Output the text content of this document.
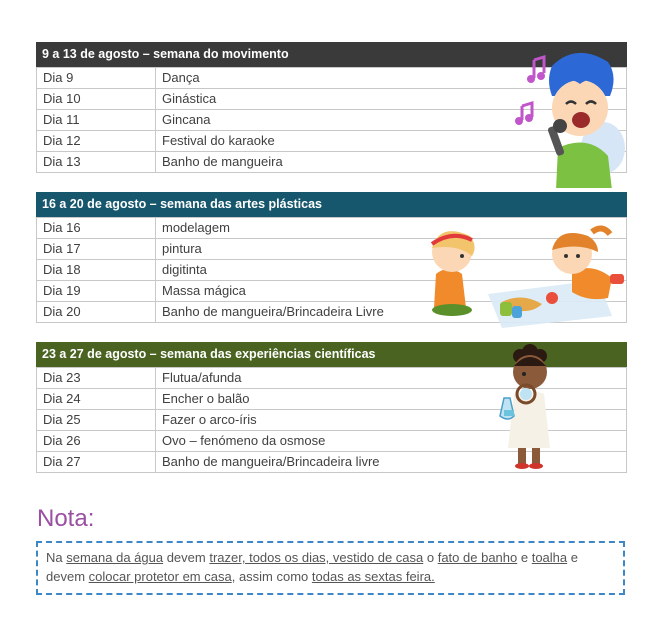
9 a 13 de agosto – semana do movimento
Dia 9	Dança
Dia 10	Ginástica
Dia 11	Gincana
Dia 12	Festival do karaoke
Dia 13	Banho de mangueira
16 a 20 de agosto – semana das artes plásticas
Dia 16	modelagem
Dia 17	pintura
Dia 18	digitinta
Dia 19	Massa mágica
Dia 20	Banho de mangueira/Brincadeira Livre
23 a 27 de agosto – semana das experiências científicas
Dia 23	Flutua/afunda
Dia 24	Encher o balão
Dia 25	Fazer o arco-íris
Dia 26	Ovo – fenómeno da osmose
Dia 27	Banho de mangueira/Brincadeira livre
Nota:
Na semana da água devem trazer, todos os dias, vestido de casa o fato de banho e toalha e devem colocar protetor em casa, assim como todas as sextas feira.
